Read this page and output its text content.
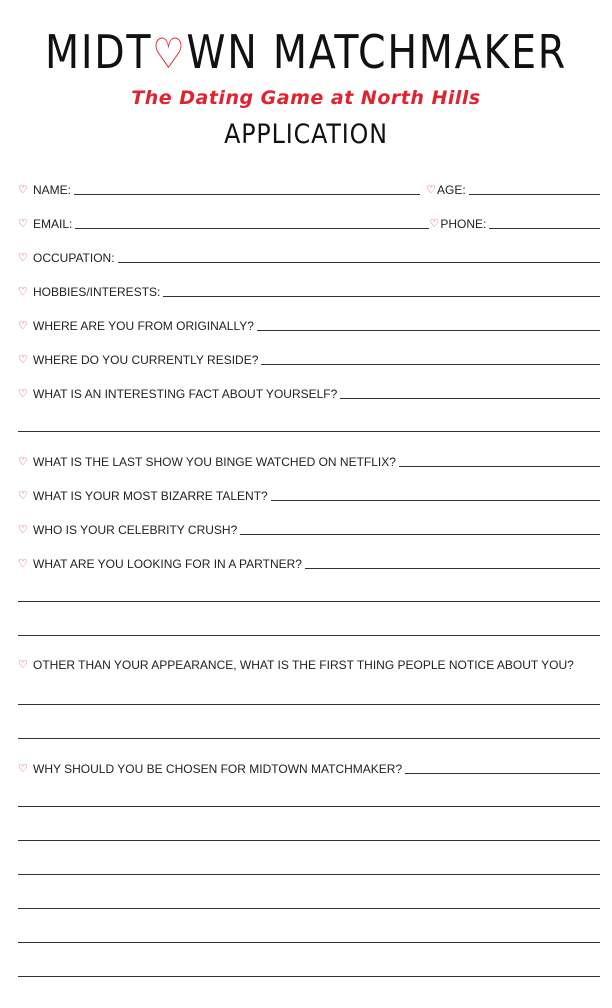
MIDT♡WN MATCHMAKER
The Dating Game at North Hills
APPLICATION
♡ NAME:	♡ AGE:
♡ EMAIL:	♡ PHONE:
♡ OCCUPATION:
♡ HOBBIES/INTERESTS:
♡ WHERE ARE YOU FROM ORIGINALLY?
♡ WHERE DO YOU CURRENTLY RESIDE?
♡ WHAT IS AN INTERESTING FACT ABOUT YOURSELF?
♡ WHAT IS THE LAST SHOW YOU BINGE WATCHED ON NETFLIX?
♡ WHAT IS YOUR MOST BIZARRE TALENT?
♡ WHO IS YOUR CELEBRITY CRUSH?
♡ WHAT ARE YOU LOOKING FOR IN A PARTNER?
♡ OTHER THAN YOUR APPEARANCE, WHAT IS THE FIRST THING PEOPLE NOTICE ABOUT YOU?
♡ WHY SHOULD YOU BE CHOSEN FOR MIDTOWN MATCHMAKER?
